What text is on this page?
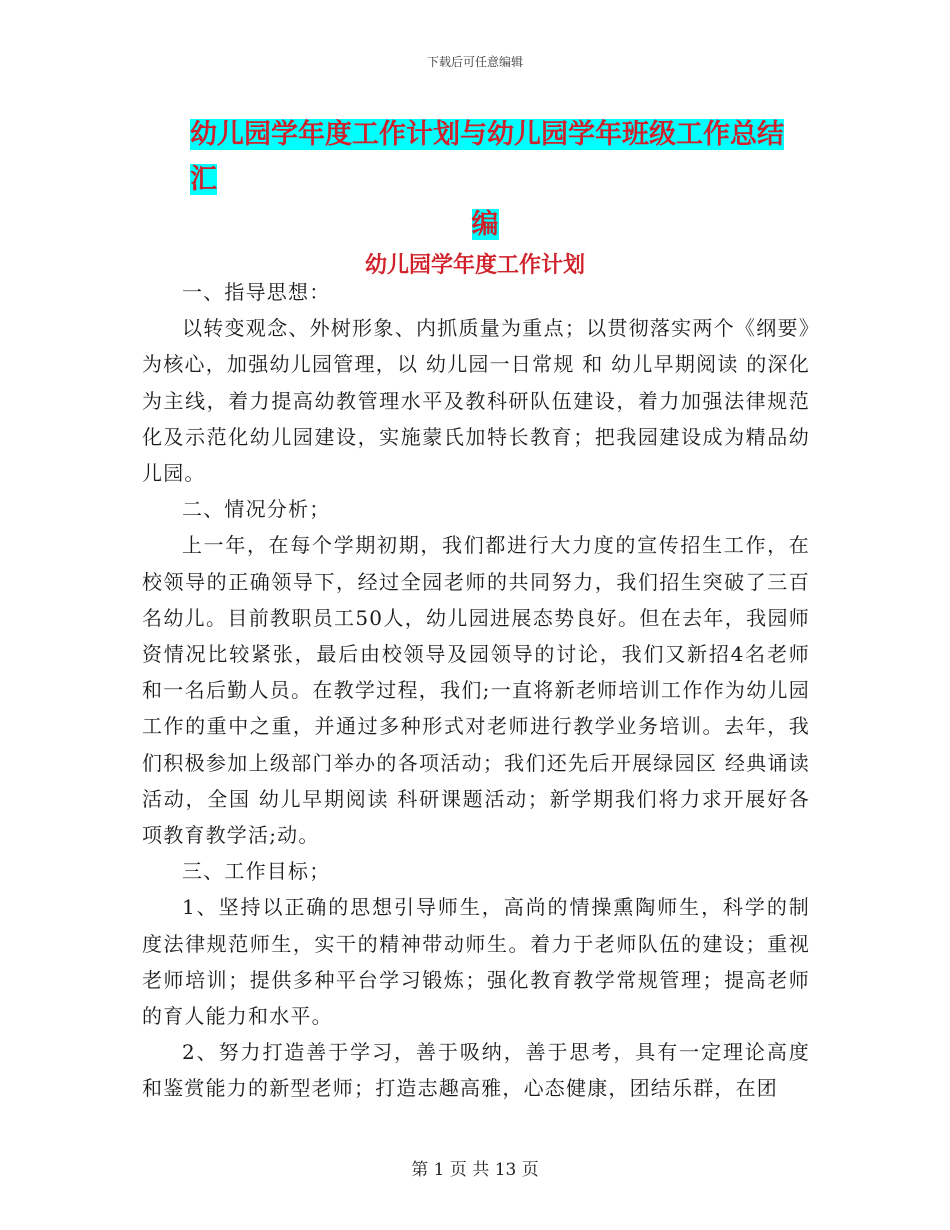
下载后可任意编辑
幼儿园学年度工作计划与幼儿园学年班级工作总结汇
编
幼儿园学年度工作计划

一、指导思想：

以转变观念、外树形象、内抓质量为重点；以贯彻落实两个《纲要》为核心，加强幼儿园管理，以 幼儿园一日常规 和 幼儿早期阅读 的深化为主线，着力提高幼教管理水平及教科研队伍建设，着力加强法律规范化及示范化幼儿园建设，实施蒙氏加特长教育；把我园建设成为精品幼儿园。

二、情况分析；

上一年，在每个学期初期，我们都进行大力度的宣传招生工作，在校领导的正确领导下，经过全园老师的共同努力，我们招生突破了三百名幼儿。目前教职员工50人，幼儿园进展态势良好。但在去年，我园师资情况比较紧张，最后由校领导及园领导的讨论，我们又新招4名老师和一名后勤人员。在教学过程，我们;一直将新老师培训工作作为幼儿园工作的重中之重，并通过多种形式对老师进行教学业务培训。去年，我们积极参加上级部门举办的各项活动；我们还先后开展绿园区 经典诵读 活动，全国 幼儿早期阅读 科研课题活动；新学期我们将力求开展好各项教育教学活;动。

三、工作目标；

1、坚持以正确的思想引导师生，高尚的情操熏陶师生，科学的制度法律规范师生，实干的精神带动师生。着力于老师队伍的建设；重视老师培训；提供多种平台学习锻炼；强化教育教学常规管理；提高老师的育人能力和水平。

2、努力打造善于学习，善于吸纳，善于思考，具有一定理论高度和鉴赏能力的新型老师；打造志趣高雅，心态健康，团结乐群，在团

第 1 页 共 13 页
